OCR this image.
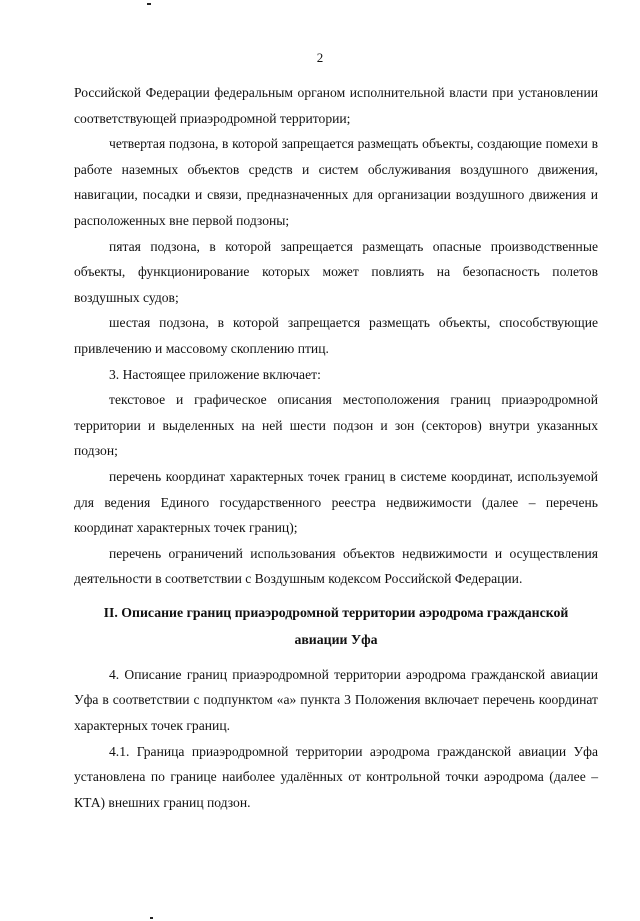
2

Российской Федерации федеральным органом исполнительной власти при установлении соответствующей приаэродромной территории;

четвертая подзона, в которой запрещается размещать объекты, создающие помехи в работе наземных объектов средств и систем обслуживания воздушного движения, навигации, посадки и связи, предназначенных для организации воздушного движения и расположенных вне первой подзоны;

пятая подзона, в которой запрещается размещать опасные производственные объекты, функционирование которых может повлиять на безопасность полетов воздушных судов;

шестая подзона, в которой запрещается размещать объекты, способствующие привлечению и массовому скоплению птиц.

3. Настоящее приложение включает:

текстовое и графическое описания местоположения границ приаэродромной территории и выделенных на ней шести подзон и зон (секторов) внутри указанных подзон;

перечень координат характерных точек границ в системе координат, используемой для ведения Единого государственного реестра недвижимости (далее – перечень координат характерных точек границ);

перечень ограничений использования объектов недвижимости и осуществления деятельности в соответствии с Воздушным кодексом Российской Федерации.

II. Описание границ приаэродромной территории аэродрома гражданской
авиации Уфа

4. Описание границ приаэродромной территории аэродрома гражданской авиации Уфа в соответствии с подпунктом «а» пункта 3 Положения включает перечень координат характерных точек границ.

4.1. Граница приаэродромной территории аэродрома гражданской авиации Уфа установлена по границе наиболее удалённых от контрольной точки аэродрома (далее – КТА) внешних границ подзон.
